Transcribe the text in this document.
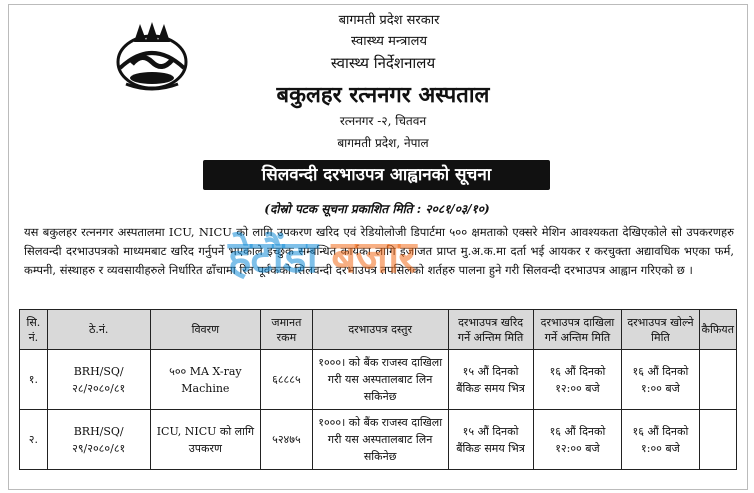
बागमती प्रदेश सरकार
स्वास्थ्य मन्त्रालय
स्वास्थ्य निर्देशनालय
बकुलहर रत्ननगर अस्पताल
रत्ननगर -२, चितवन
बागमती प्रदेश, नेपाल
सिलवन्दी दरभाउपत्र आह्वानको सूचना
(दोस्रो पटक सूचना प्रकाशित मिति : २०८१/०३/१०)
यस बकुलहर रत्ननगर अस्पतालमा ICU, NICU को लागि उपकरण खरिद एवं रेडियोलोजी डिपार्टमा ५०० क्षमताको एक्सरे मेशिन आवश्यकता देखिएकोले सो उपकरणहरु सिलवन्दी दरभाउपत्रको माध्यमबाट खरिद गर्नुपर्ने भएकाले इच्छुक सम्बन्धित कार्यका लागि इजाजत प्राप्त मु.अ.क.मा दर्ता भई आयकर र करचुक्ता अद्यावधिक भएका फर्म, कम्पनी, संस्थाहरु र व्यवसायीहरुले निर्धारित ढाँचामा रित पूर्वकको सिलवन्दी दरभाउपत्र तपसिलको शर्तहरु पालना हुने गरी सिलवन्दी दरभाउपत्र आह्वान गरिएको छ ।
हेटौंडा बजार
सि. नं.	ठे.नं.	विवरण	जमानत रकम	दरभाउपत्र दस्तुर	दरभाउपत्र खरिद गर्ने अन्तिम मिति	दरभाउपत्र दाखिला गर्ने अन्तिम मिति	दरभाउपत्र खोल्ने मिति	कैफियत
१.	BRH/SQ/ २८/२०८०/८१	५०० MA X-ray Machine	६८८८५	१०००। को बैंक राजस्व दाखिला गरी यस अस्पतालबाट लिन सकिनेछ	१५ औं दिनको बैंकिङ समय भित्र	१६ औं दिनको १२:०० बजे	१६ औं दिनको १:०० बजे	
२.	BRH/SQ/ २९/२०८०/८१	ICU, NICU को लागि उपकरण	५२४७५	१०००। को बैंक राजस्व दाखिला गरी यस अस्पतालबाट लिन सकिनेछ	१५ औं दिनको बैंकिङ समय भित्र	१६ औं दिनको १२:०० बजे	१६ औं दिनको १:०० बजे	
